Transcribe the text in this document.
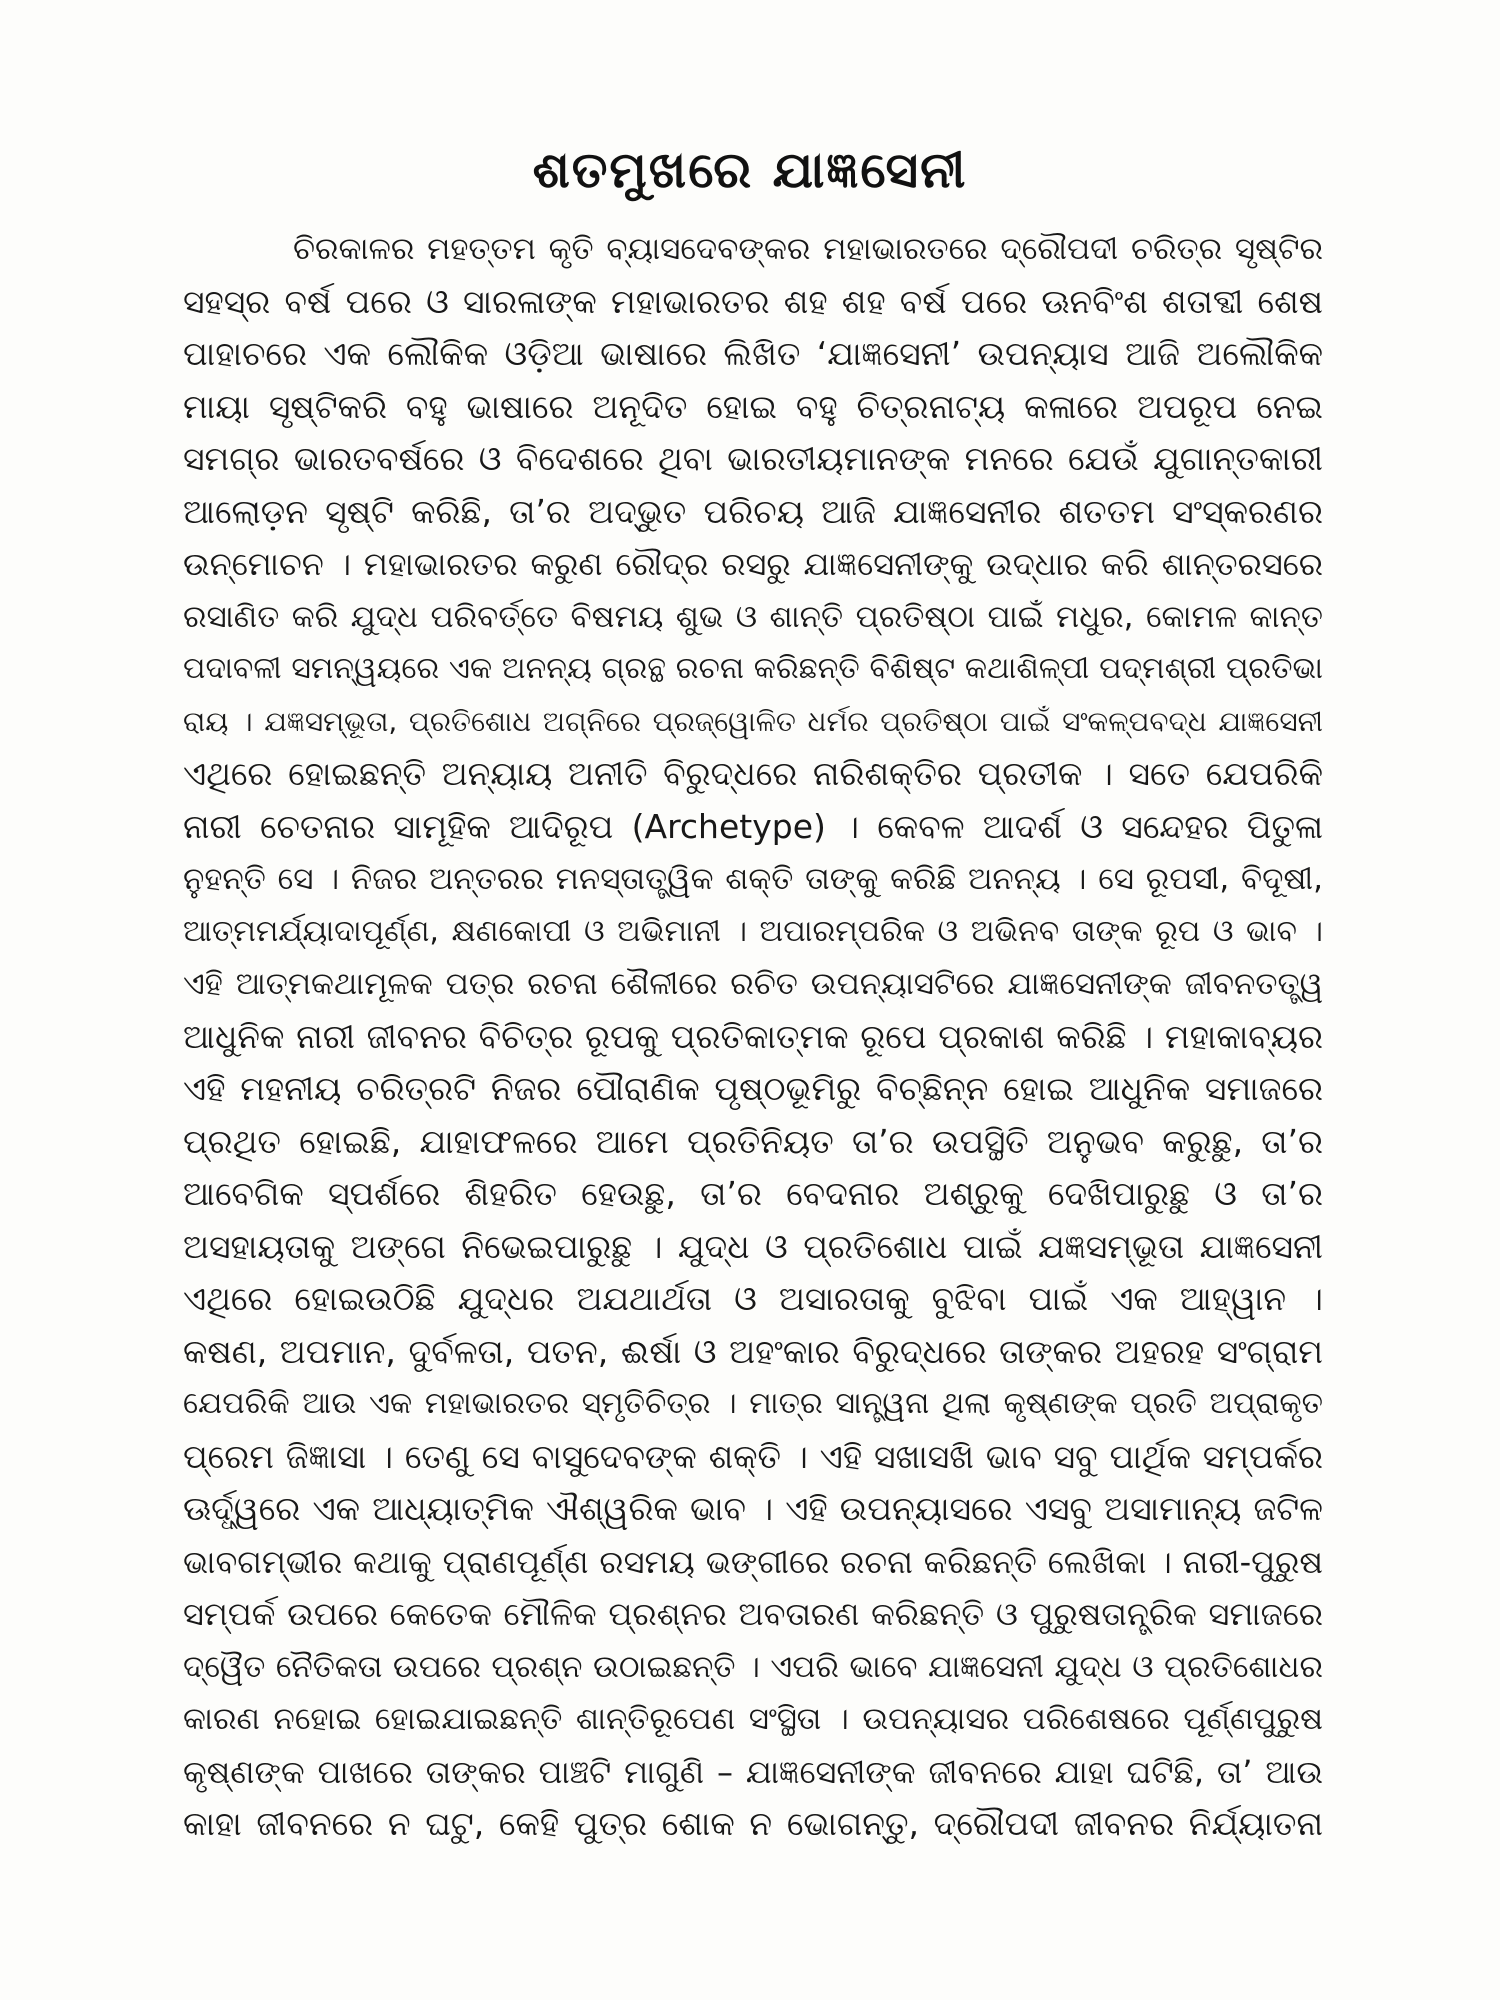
ଶତମୁଖରେ ଯାଜ୍ଞସେନୀ
ଚିରକାଳର ମହତ୍ତମ କୃତି ବ୍ୟାସଦେବଙ୍କର ମହାଭାରତରେ ଦ୍ରୌପଦୀ ଚରିତ୍ର ସୃଷ୍ଟିର
ସହସ୍ର ବର୍ଷ ପରେ ଓ ସାରଳାଙ୍କ ମହାଭାରତର ଶହ ଶହ ବର୍ଷ ପରେ ଊନବିଂଶ ଶତାବ୍ଦୀ ଶେଷ
ପାହାଚରେ ଏକ ଲୌକିକ ଓଡ଼ିଆ ଭାଷାରେ ଲିଖିତ ‘ଯାଜ୍ଞସେନୀ’ ଉପନ୍ୟାସ ଆଜି ଅଲୌକିକ
ମାୟା ସୃଷ୍ଟିକରି ବହୁ ଭାଷାରେ ଅନୂଦିତ ହୋଇ ବହୁ ଚିତ୍ରନାଟ୍ୟ କଳାରେ ଅପରୂପ ନେଇ
ସମଗ୍ର ଭାରତବର୍ଷରେ ଓ ବିଦେଶରେ ଥିବା ଭାରତୀୟମାନଙ୍କ ମନରେ ଯେଉଁ ଯୁଗାନ୍ତକାରୀ
ଆଲୋଡ଼ନ ସୃଷ୍ଟି କରିଛି, ତା’ର ଅଦ୍ଭୁତ ପରିଚୟ ଆଜି ଯାଜ୍ଞସେନୀର ଶତତମ ସଂସ୍କରଣର
ଉନ୍ମୋଚନ । ମହାଭାରତର କରୁଣ ରୌଦ୍ର ରସରୁ ଯାଜ୍ଞସେନୀଙ୍କୁ ଉଦ୍ଧାର କରି ଶାନ୍ତରସରେ
ରସାଣିତ କରି ଯୁଦ୍ଧ ପରିବର୍ତ୍ତେ ବିଷମୟ ଶୁଭ ଓ ଶାନ୍ତି ପ୍ରତିଷ୍ଠା ପାଇଁ ମଧୁର, କୋମଳ କାନ୍ତ
ପଦାବଳୀ ସମନ୍ୱୟରେ ଏକ ଅନନ୍ୟ ଗ୍ରନ୍ଥ ରଚନା କରିଛନ୍ତି ବିଶିଷ୍ଟ କଥାଶିଳ୍ପୀ ପଦ୍ମଶ୍ରୀ ପ୍ରତିଭା
ରାୟ । ଯଜ୍ଞସମ୍ଭୂତା, ପ୍ରତିଶୋଧ ଅଗ୍ନିରେ ପ୍ରଜ୍ୱୋଳିତ ଧର୍ମର ପ୍ରତିଷ୍ଠା ପାଇଁ ସଂକଳ୍ପବଦ୍ଧ ଯାଜ୍ଞସେନୀ
ଏଥିରେ ହୋଇଛନ୍ତି ଅନ୍ୟାୟ ଅନୀତି ବିରୁଦ୍ଧରେ ନାରିଶକ୍ତିର ପ୍ରତୀକ । ସତେ ଯେପରିକି
ନାରୀ ଚେତନାର ସାମୂହିକ ଆଦିରୂପ (Archetype) । କେବଳ ଆଦର୍ଶ ଓ ସନ୍ଦେହର ପିତୁଳା
ନୁହନ୍ତି ସେ । ନିଜର ଅନ୍ତରର ମନସ୍ତାତ୍ତ୍ୱିକ ଶକ୍ତି ତାଙ୍କୁ କରିଛି ଅନନ୍ୟ । ସେ ରୂପସୀ, ବିଦୂଷୀ,
ଆତ୍ମମର୍ଯ୍ୟାଦାପୂର୍ଣ୍ଣ, କ୍ଷଣକୋପୀ ଓ ଅଭିମାନୀ । ଅପାରମ୍ପରିକ ଓ ଅଭିନବ ତାଙ୍କ ରୂପ ଓ ଭାବ ।
ଏହି ଆତ୍ମକଥାମୂଳକ ପତ୍ର ରଚନା ଶୈଳୀରେ ରଚିତ ଉପନ୍ୟାସଟିରେ ଯାଜ୍ଞସେନୀଙ୍କ ଜୀବନତତ୍ତ୍ୱ
ଆଧୁନିକ ନାରୀ ଜୀବନର ବିଚିତ୍ର ରୂପକୁ ପ୍ରତିକାତ୍ମକ ରୂପେ ପ୍ରକାଶ କରିଛି । ମହାକାବ୍ୟର
ଏହି ମହନୀୟ ଚରିତ୍ରଟି ନିଜର ପୌରାଣିକ ପୃଷ୍ଠଭୂମିରୁ ବିଚ୍ଛିନ୍ନ ହୋଇ ଆଧୁନିକ ସମାଜରେ
ପ୍ରଥିତ ହୋଇଛି, ଯାହାଫଳରେ ଆମେ ପ୍ରତିନିୟତ ତା’ର ଉପସ୍ଥିତି ଅନୁଭବ କରୁଛୁ, ତା’ର
ଆବେଗିକ ସ୍ପର୍ଶରେ ଶିହରିତ ହେଉଛୁ, ତା’ର ବେଦନାର ଅଶ୍ରୁକୁ ଦେଖିପାରୁଛୁ ଓ ତା’ର
ଅସହାୟତାକୁ ଅଙ୍ଗେ ନିଭେଇପାରୁଛୁ । ଯୁଦ୍ଧ ଓ ପ୍ରତିଶୋଧ ପାଇଁ ଯଜ୍ଞସମ୍ଭୂତା ଯାଜ୍ଞସେନୀ
ଏଥିରେ ହୋଇଉଠିଛି ଯୁଦ୍ଧର ଅଯଥାର୍ଥତା ଓ ଅସାରତାକୁ ବୁଝିବା ପାଇଁ ଏକ ଆହ୍ୱାନ ।
କଷଣ, ଅପମାନ, ଦୁର୍ବଳତା, ପତନ, ଈର୍ଷା ଓ ଅହଂକାର ବିରୁଦ୍ଧରେ ତାଙ୍କର ଅହରହ ସଂଗ୍ରାମ
ଯେପରିକି ଆଉ ଏକ ମହାଭାରତର ସ୍ମୃତିଚିତ୍ର । ମାତ୍ର ସାନ୍ତ୍ୱନା ଥିଲା କୃଷ୍ଣଙ୍କ ପ୍ରତି ଅପ୍ରାକୃତ
ପ୍ରେମ ଜିଜ୍ଞାସା । ତେଣୁ ସେ ବାସୁଦେବଙ୍କ ଶକ୍ତି । ଏହି ସଖାସଖି ଭାବ ସବୁ ପାର୍ଥିକ ସମ୍ପର୍କର
ଊର୍ଦ୍ଧ୍ୱରେ ଏକ ଆଧ୍ୟାତ୍ମିକ ଐଶ୍ୱରିକ ଭାବ । ଏହି ଉପନ୍ୟାସରେ ଏସବୁ ଅସାମାନ୍ୟ ଜଟିଳ
ଭାବଗମ୍ଭୀର କଥାକୁ ପ୍ରାଣପୂର୍ଣ୍ଣ ରସମୟ ଭଙ୍ଗୀରେ ରଚନା କରିଛନ୍ତି ଲେଖିକା । ନାରୀ-ପୁରୁଷ
ସମ୍ପର୍କ ଉପରେ କେତେକ ମୌଳିକ ପ୍ରଶ୍ନର ଅବତାରଣ କରିଛନ୍ତି ଓ ପୁରୁଷତାନ୍ତ୍ରିକ ସମାଜରେ
ଦ୍ୱୈତ ନୈତିକତା ଉପରେ ପ୍ରଶ୍ନ ଉଠାଇଛନ୍ତି । ଏପରି ଭାବେ ଯାଜ୍ଞସେନୀ ଯୁଦ୍ଧ ଓ ପ୍ରତିଶୋଧର
କାରଣ ନହୋଇ ହୋଇଯାଇଛନ୍ତି ଶାନ୍ତିରୂପେଣ ସଂସ୍ଥିତା । ଉପନ୍ୟାସର ପରିଶେଷରେ ପୂର୍ଣ୍ଣପୁରୁଷ
କୃଷ୍ଣଙ୍କ ପାଖରେ ତାଙ୍କର ପାଞ୍ଚଟି ମାଗୁଣି – ଯାଜ୍ଞସେନୀଙ୍କ ଜୀବନରେ ଯାହା ଘଟିଛି, ତା’ ଆଉ
କାହା ଜୀବନରେ ନ ଘଟୁ, କେହି ପୁତ୍ର ଶୋକ ନ ଭୋଗନ୍ତୁ, ଦ୍ରୌପଦୀ ଜୀବନର ନିର୍ଯ୍ୟାତନା
